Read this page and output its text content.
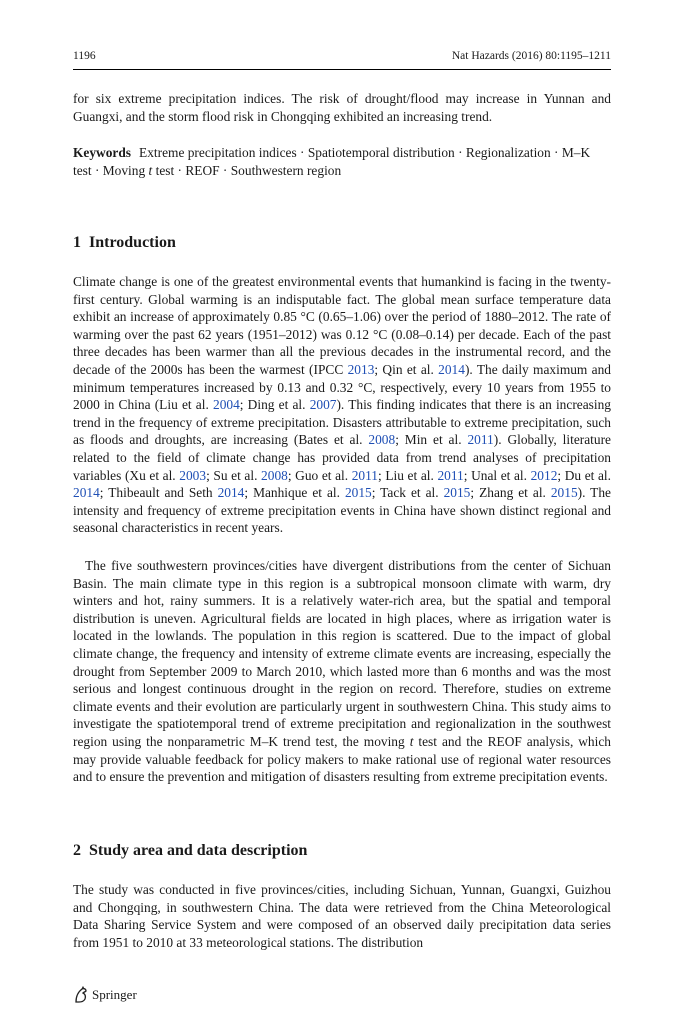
1196	Nat Hazards (2016) 80:1195–1211

for six extreme precipitation indices. The risk of drought/flood may increase in Yunnan and Guangxi, and the storm flood risk in Chongqing exhibited an increasing trend.

Keywords Extreme precipitation indices · Spatiotemporal distribution · Regionalization · M–K test · Moving t test · REOF · Southwestern region

1 Introduction

Climate change is one of the greatest environmental events that humankind is facing in the twenty-first century. Global warming is an indisputable fact. The global mean surface temperature data exhibit an increase of approximately 0.85 °C (0.65–1.06) over the period of 1880–2012. The rate of warming over the past 62 years (1951–2012) was 0.12 °C (0.08–0.14) per decade. Each of the past three decades has been warmer than all the previous decades in the instrumental record, and the decade of the 2000s has been the warmest (IPCC 2013; Qin et al. 2014). The daily maximum and minimum temperatures increased by 0.13 and 0.32 °C, respectively, every 10 years from 1955 to 2000 in China (Liu et al. 2004; Ding et al. 2007). This finding indicates that there is an increasing trend in the frequency of extreme precipitation. Disasters attributable to extreme precipitation, such as floods and droughts, are increasing (Bates et al. 2008; Min et al. 2011). Globally, literature related to the field of climate change has provided data from trend analyses of precipitation variables (Xu et al. 2003; Su et al. 2008; Guo et al. 2011; Liu et al. 2011; Unal et al. 2012; Du et al. 2014; Thibeault and Seth 2014; Manhique et al. 2015; Tack et al. 2015; Zhang et al. 2015). The intensity and frequency of extreme precipitation events in China have shown distinct regional and seasonal characteristics in recent years.

The five southwestern provinces/cities have divergent distributions from the center of Sichuan Basin. The main climate type in this region is a subtropical monsoon climate with warm, dry winters and hot, rainy summers. It is a relatively water-rich area, but the spatial and temporal distribution is uneven. Agricultural fields are located in high places, where as irrigation water is located in the lowlands. The population in this region is scattered. Due to the impact of global climate change, the frequency and intensity of extreme climate events are increasing, especially the drought from September 2009 to March 2010, which lasted more than 6 months and was the most serious and longest continuous drought in the region on record. Therefore, studies on extreme climate events and their evolution are particularly urgent in southwestern China. This study aims to investigate the spatiotemporal trend of extreme precipitation and regionalization in the southwest region using the nonparametric M–K trend test, the moving t test and the REOF analysis, which may provide valuable feedback for policy makers to make rational use of regional water resources and to ensure the prevention and mitigation of disasters resulting from extreme precipitation events.

2 Study area and data description

The study was conducted in five provinces/cities, including Sichuan, Yunnan, Guangxi, Guizhou and Chongqing, in southwestern China. The data were retrieved from the China Meteorological Data Sharing Service System and were composed of an observed daily precipitation data series from 1951 to 2010 at 33 meteorological stations. The distribution

Springer
